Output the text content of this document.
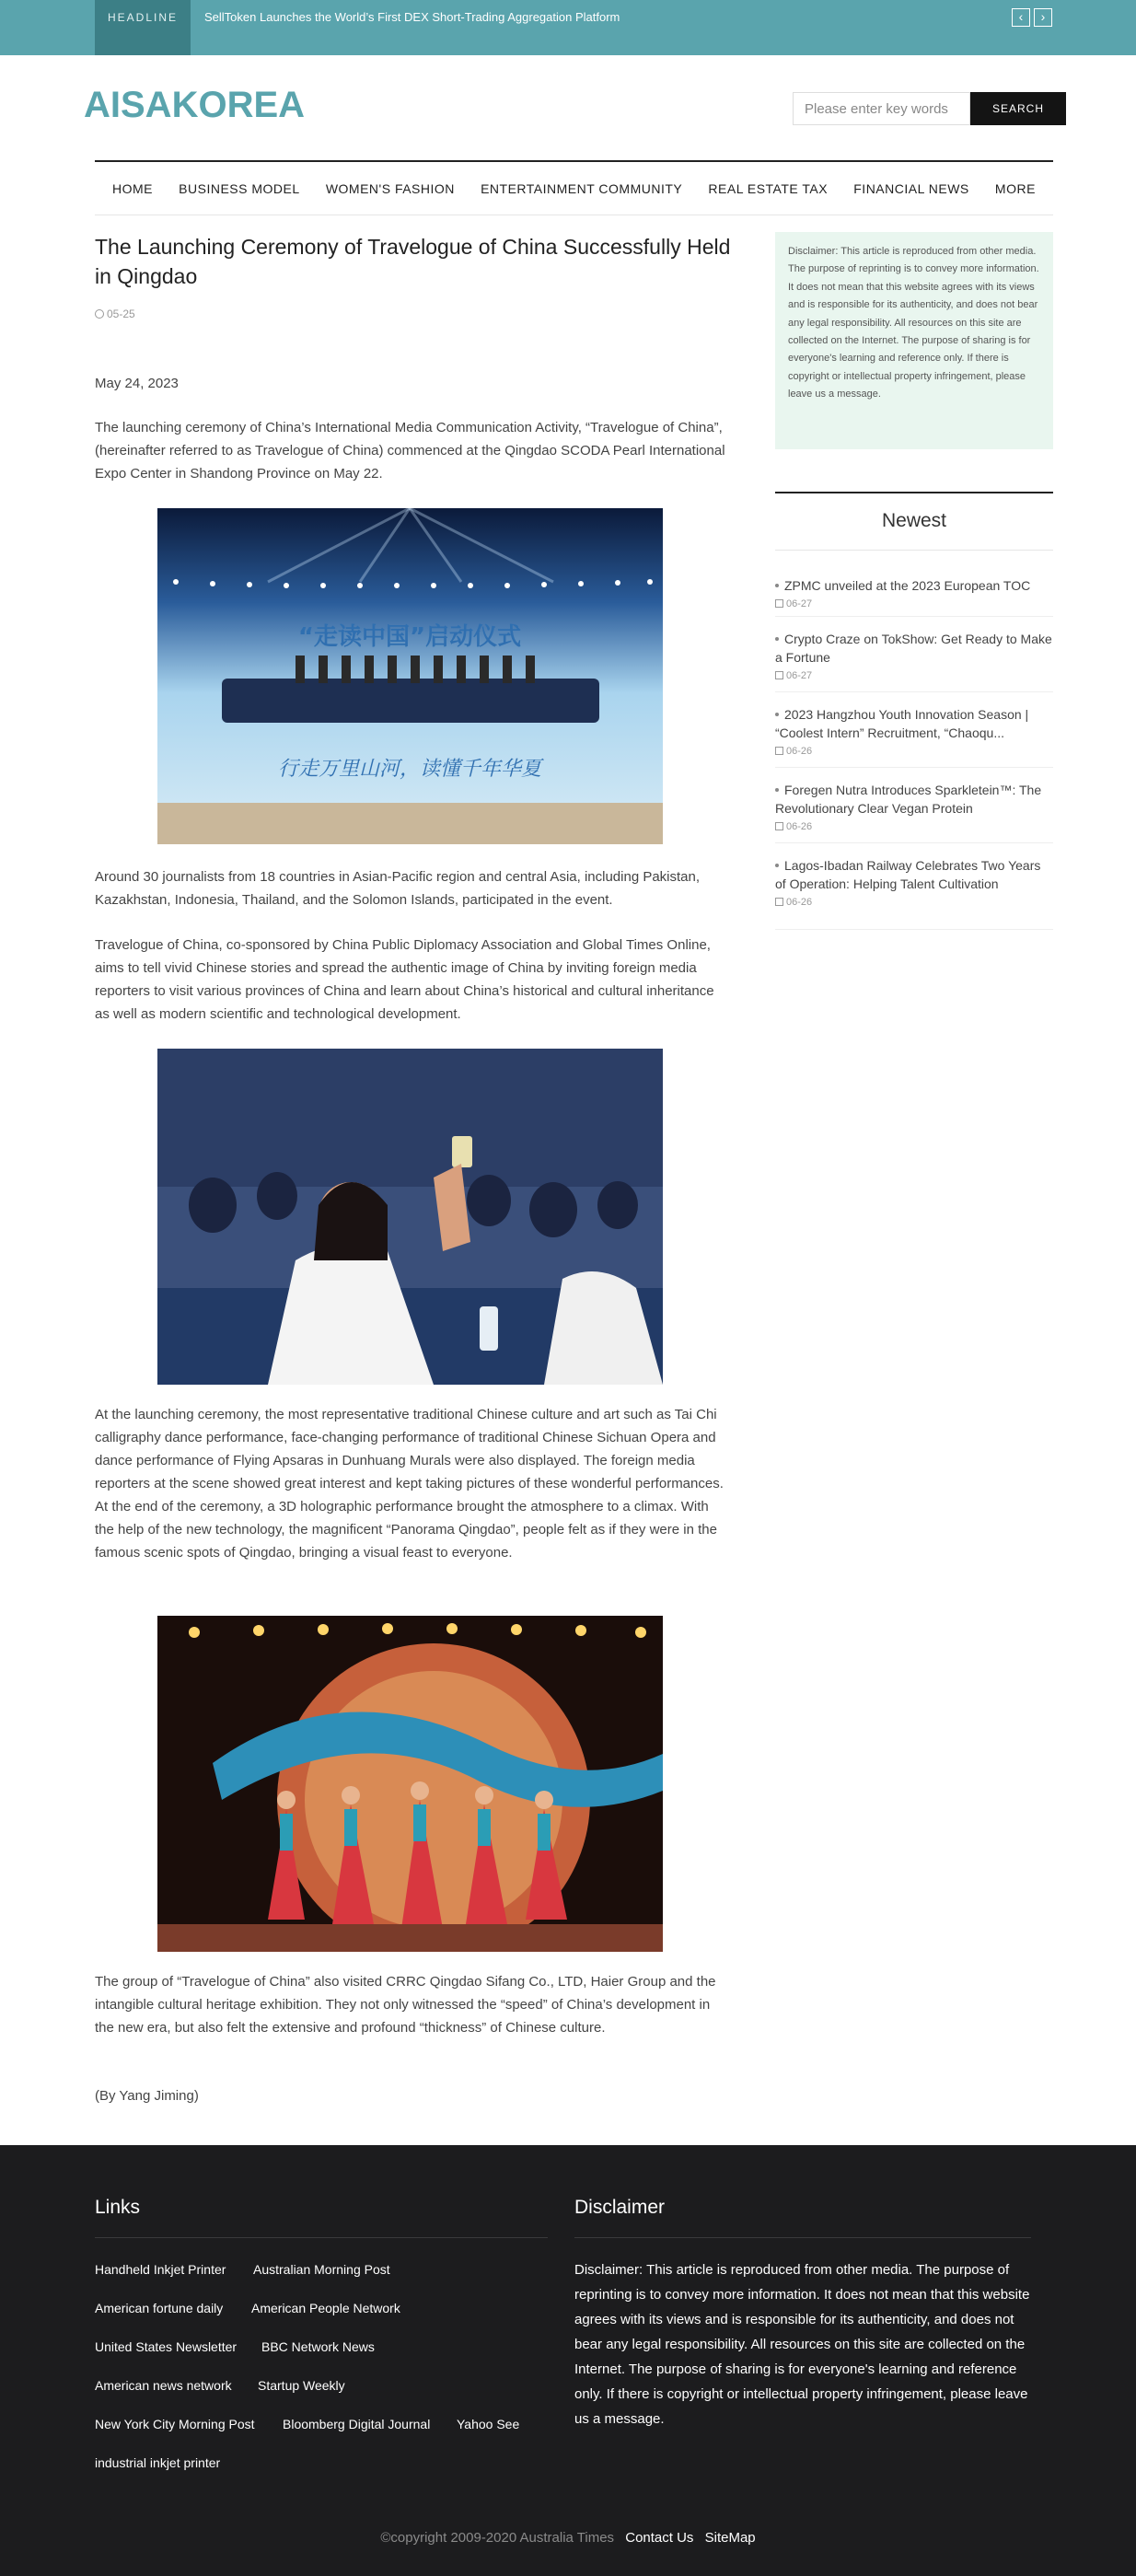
HEADLINE	SellToken Launches the World’s First DEX Short-Trading Aggregation Platform	‹	›
AISAKOREA
Please enter key words	SEARCH
HOME BUSINESS MODEL WOMEN'S FASHION ENTERTAINMENT COMMUNITY REAL ESTATE TAX FINANCIAL NEWS MORE
The Launching Ceremony of Travelogue of China Successfully Held in Qingdao
05-25

May 24, 2023

The launching ceremony of China’s International Media Communication Activity, “Travelogue of China”, (hereinafter referred to as Travelogue of China) commenced at the Qingdao SCODA Pearl International Expo Center in Shandong Province on May 22.

“走读中国”启动仪式
行走万里山河，读懂千年华夏

Around 30 journalists from 18 countries in Asian-Pacific region and central Asia, including Pakistan, Kazakhstan, Indonesia, Thailand, and the Solomon Islands, participated in the event.

Travelogue of China, co-sponsored by China Public Diplomacy Association and Global Times Online, aims to tell vivid Chinese stories and spread the authentic image of China by inviting foreign media reporters to visit various provinces of China and learn about China’s historical and cultural inheritance as well as modern scientific and technological development.

At the launching ceremony, the most representative traditional Chinese culture and art such as Tai Chi calligraphy dance performance, face-changing performance of traditional Chinese Sichuan Opera and dance performance of Flying Apsaras in Dunhuang Murals were also displayed. The foreign media reporters at the scene showed great interest and kept taking pictures of these wonderful performances. At the end of the ceremony, a 3D holographic performance brought the atmosphere to a climax. With the help of the new technology, the magnificent “Panorama Qingdao”, people felt as if they were in the famous scenic spots of Qingdao, bringing a visual feast to everyone.

The group of “Travelogue of China” also visited CRRC Qingdao Sifang Co., LTD, Haier Group and the intangible cultural heritage exhibition. They not only witnessed the “speed” of China’s development in the new era, but also felt the extensive and profound “thickness” of Chinese culture.

(By Yang Jiming)

Disclaimer: This article is reproduced from other media. The purpose of reprinting is to convey more information. It does not mean that this website agrees with its views and is responsible for its authenticity, and does not bear any legal responsibility. All resources on this site are collected on the Internet. The purpose of sharing is for everyone's learning and reference only. If there is copyright or intellectual property infringement, please leave us a message.
Newest
ZPMC unveiled at the 2023 European TOC
06-27
Crypto Craze on TokShow: Get Ready to Make a Fortune
06-27
2023 Hangzhou Youth Innovation Season | “Coolest Intern” Recruitment, “Chaoqu...
06-26
Foregen Nutra Introduces Sparkletein™: The Revolutionary Clear Vegan Protein
06-26
Lagos-Ibadan Railway Celebrates Two Years of Operation: Helping Talent Cultivation
06-26
Links	Disclaimer
Handheld Inkjet Printer Australian Morning Post
American fortune daily American People Network
United States Newsletter BBC Network News
American news network Startup Weekly
New York City Morning Post Bloomberg Digital Journal Yahoo See
industrial inkjet printer
Disclaimer: This article is reproduced from other media. The purpose of reprinting is to convey more information. It does not mean that this website agrees with its views and is responsible for its authenticity, and does not bear any legal responsibility. All resources on this site are collected on the Internet. The purpose of sharing is for everyone's learning and reference only. If there is copyright or intellectual property infringement, please leave us a message.
©copyright 2009-2020 Australia Times Contact Us SiteMap
